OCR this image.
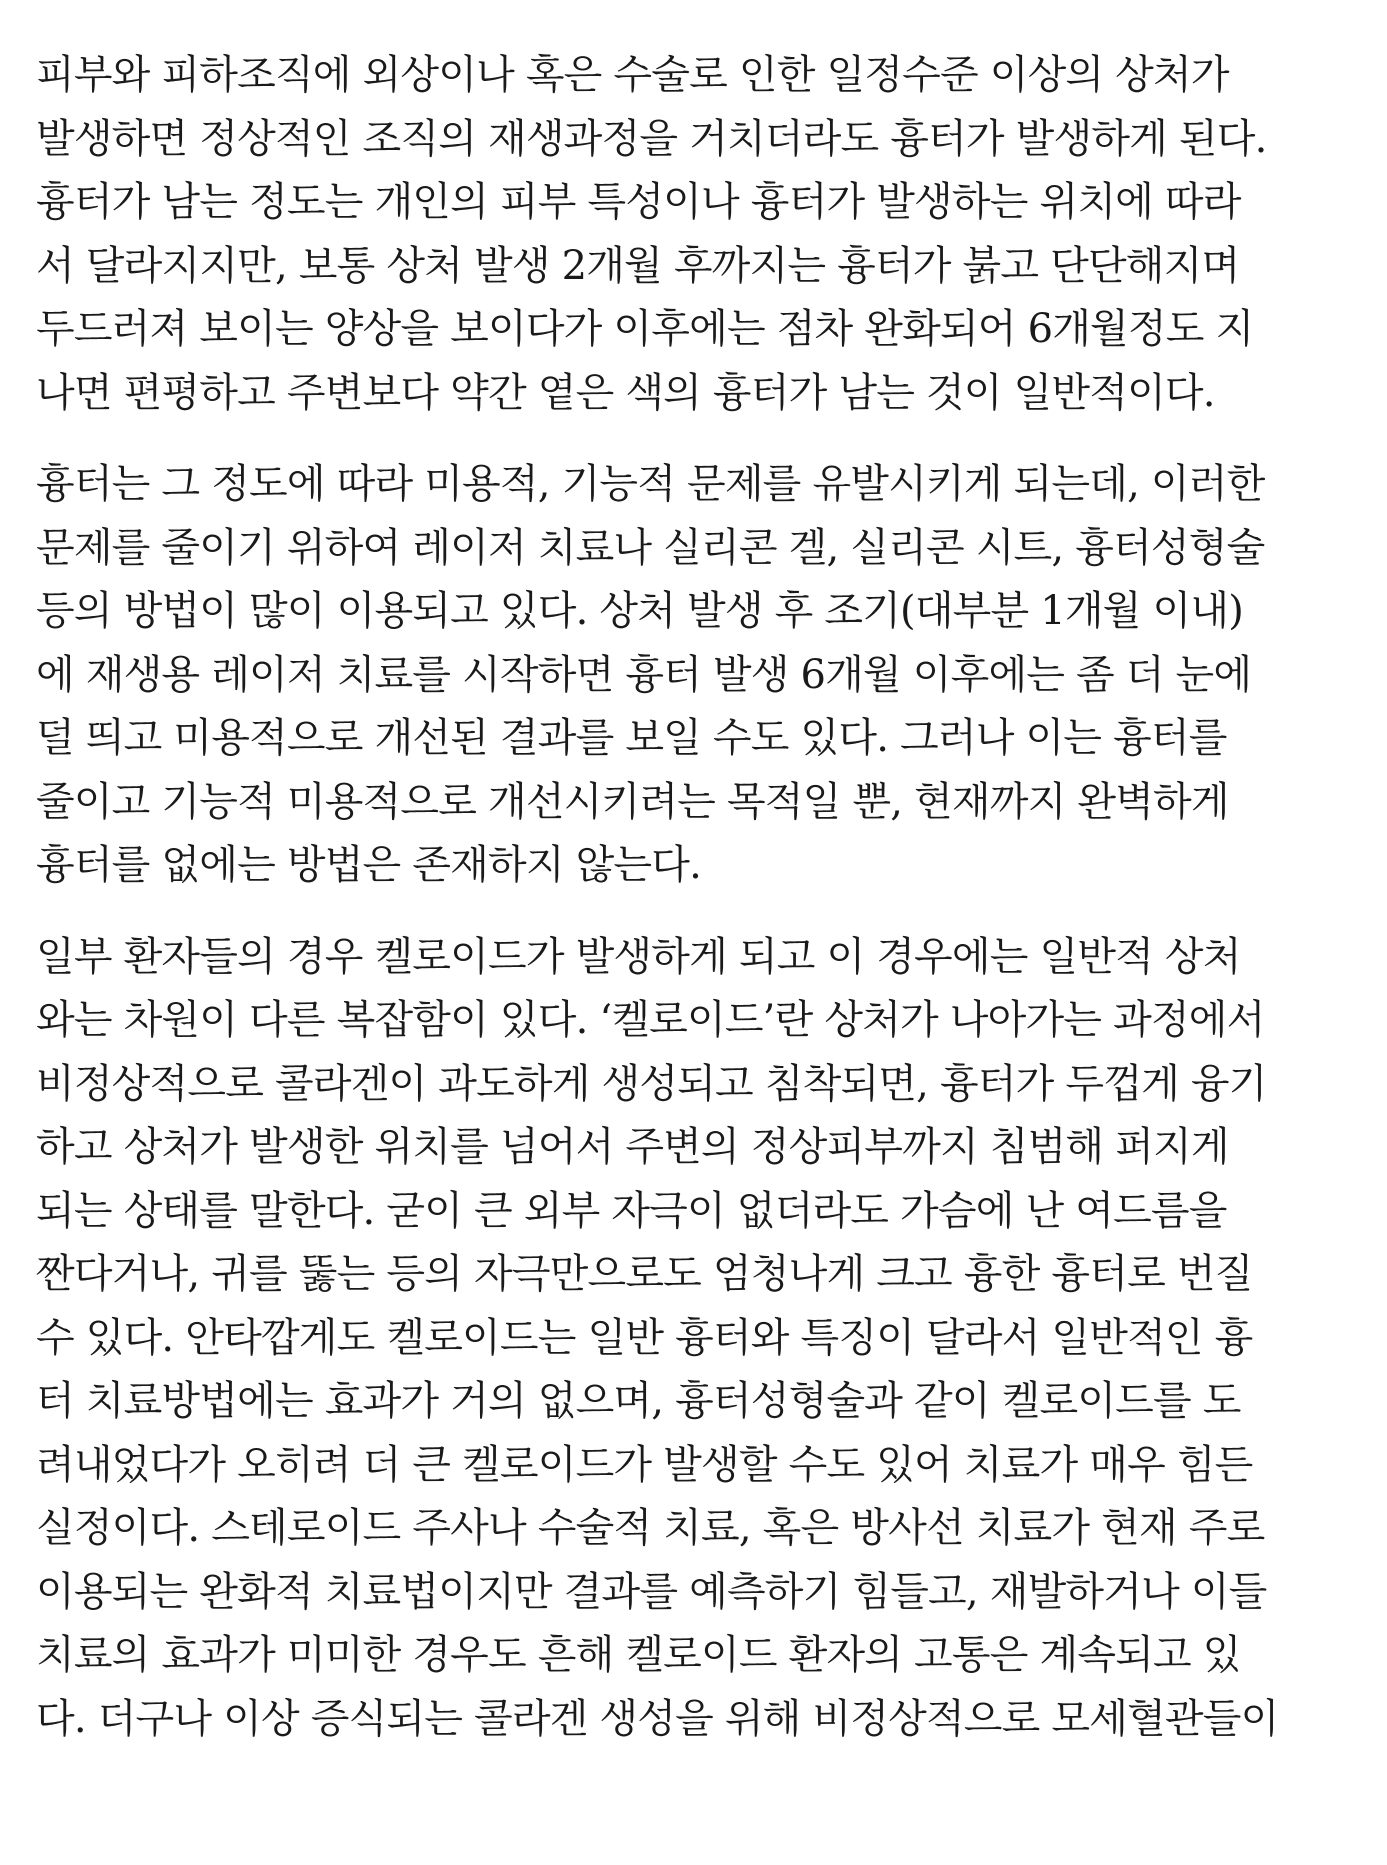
피부와 피하조직에 외상이나 혹은 수술로 인한 일정수준 이상의 상처가
발생하면 정상적인 조직의 재생과정을 거치더라도 흉터가 발생하게 된다.
흉터가 남는 정도는 개인의 피부 특성이나 흉터가 발생하는 위치에 따라
서 달라지지만, 보통 상처 발생 2개월 후까지는 흉터가 붉고 단단해지며
두드러져 보이는 양상을 보이다가 이후에는 점차 완화되어 6개월정도 지
나면 편평하고 주변보다 약간 옅은 색의 흉터가 남는 것이 일반적이다.
흉터는 그 정도에 따라 미용적, 기능적 문제를 유발시키게 되는데, 이러한
문제를 줄이기 위하여 레이저 치료나 실리콘 겔, 실리콘 시트, 흉터성형술
등의 방법이 많이 이용되고 있다. 상처 발생 후 조기(대부분 1개월 이내)
에 재생용 레이저 치료를 시작하면 흉터 발생 6개월 이후에는 좀 더 눈에
덜 띄고 미용적으로 개선된 결과를 보일 수도 있다. 그러나 이는 흉터를
줄이고 기능적 미용적으로 개선시키려는 목적일 뿐, 현재까지 완벽하게
흉터를 없에는 방법은 존재하지 않는다.
일부 환자들의 경우 켈로이드가 발생하게 되고 이 경우에는 일반적 상처
와는 차원이 다른 복잡함이 있다. ‘켈로이드’란 상처가 나아가는 과정에서
비정상적으로 콜라겐이 과도하게 생성되고 침착되면, 흉터가 두껍게 융기
하고 상처가 발생한 위치를 넘어서 주변의 정상피부까지 침범해 퍼지게
되는 상태를 말한다. 굳이 큰 외부 자극이 없더라도 가슴에 난 여드름을
짠다거나, 귀를 뚫는 등의 자극만으로도 엄청나게 크고 흉한 흉터로 번질
수 있다. 안타깝게도 켈로이드는 일반 흉터와 특징이 달라서 일반적인 흉
터 치료방법에는 효과가 거의 없으며, 흉터성형술과 같이 켈로이드를 도
려내었다가 오히려 더 큰 켈로이드가 발생할 수도 있어 치료가 매우 힘든
실정이다. 스테로이드 주사나 수술적 치료, 혹은 방사선 치료가 현재 주로
이용되는 완화적 치료법이지만 결과를 예측하기 힘들고, 재발하거나 이들
치료의 효과가 미미한 경우도 흔해 켈로이드 환자의 고통은 계속되고 있
다. 더구나 이상 증식되는 콜라겐 생성을 위해 비정상적으로 모세혈관들이
